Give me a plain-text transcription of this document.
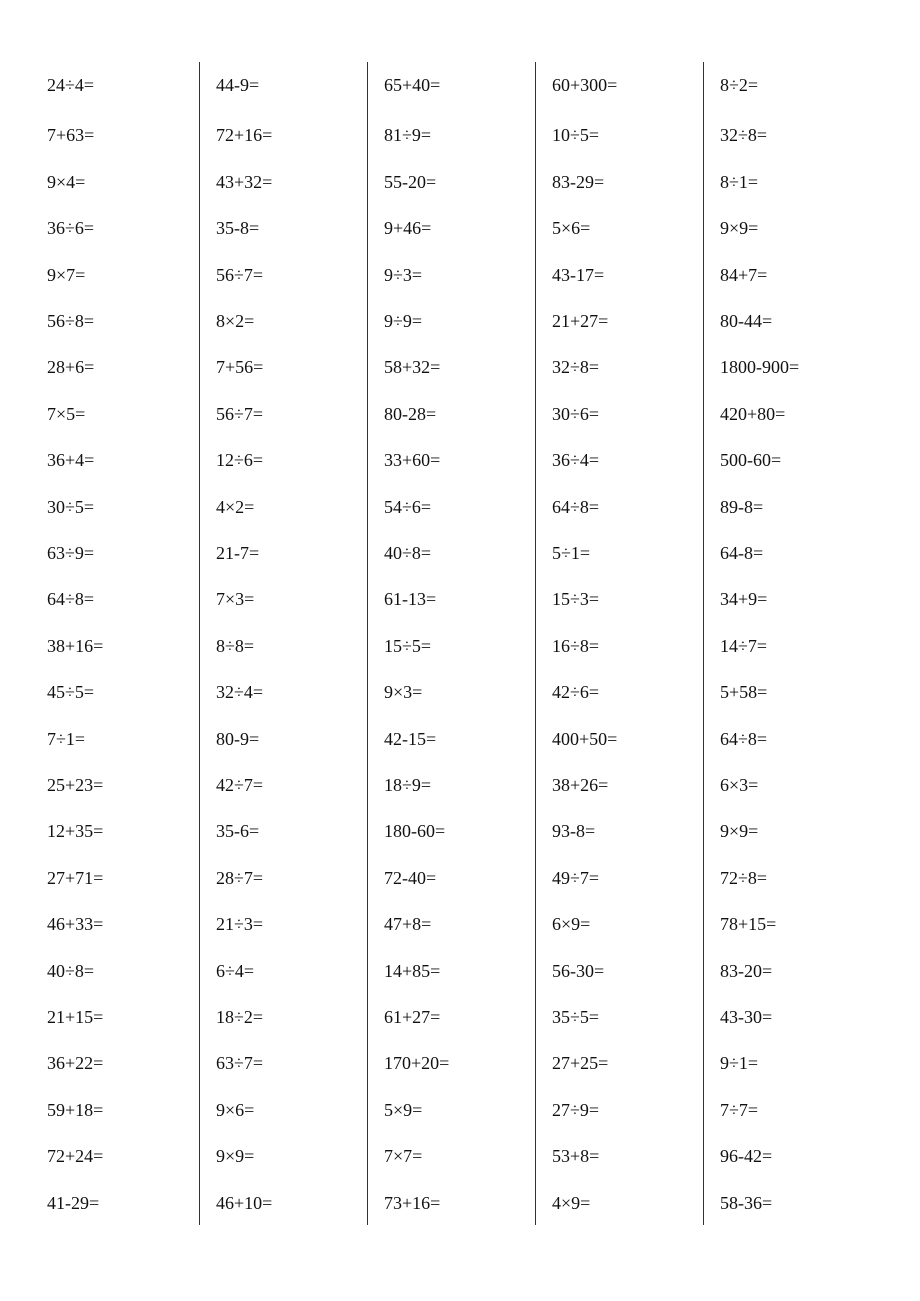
24÷4=
7+63=
9×4=
36÷6=
9×7=
56÷8=
28+6=
7×5=
36+4=
30÷5=
63÷9=
64÷8=
38+16=
45÷5=
7÷1=
25+23=
12+35=
27+71=
46+33=
40÷8=
21+15=
36+22=
59+18=
72+24=
41-29=
44-9=
72+16=
43+32=
35-8=
56÷7=
8×2=
7+56=
56÷7=
12÷6=
4×2=
21-7=
7×3=
8÷8=
32÷4=
80-9=
42÷7=
35-6=
28÷7=
21÷3=
6÷4=
18÷2=
63÷7=
9×6=
9×9=
46+10=
65+40=
81÷9=
55-20=
9+46=
9÷3=
9÷9=
58+32=
80-28=
33+60=
54÷6=
40÷8=
61-13=
15÷5=
9×3=
42-15=
18÷9=
180-60=
72-40=
47+8=
14+85=
61+27=
170+20=
5×9=
7×7=
73+16=
60+300=
10÷5=
83-29=
5×6=
43-17=
21+27=
32÷8=
30÷6=
36÷4=
64÷8=
5÷1=
15÷3=
16÷8=
42÷6=
400+50=
38+26=
93-8=
49÷7=
6×9=
56-30=
35÷5=
27+25=
27÷9=
53+8=
4×9=
8÷2=
32÷8=
8÷1=
9×9=
84+7=
80-44=
1800-900=
420+80=
500-60=
89-8=
64-8=
34+9=
14÷7=
5+58=
64÷8=
6×3=
9×9=
72÷8=
78+15=
83-20=
43-30=
9÷1=
7÷7=
96-42=
58-36=
